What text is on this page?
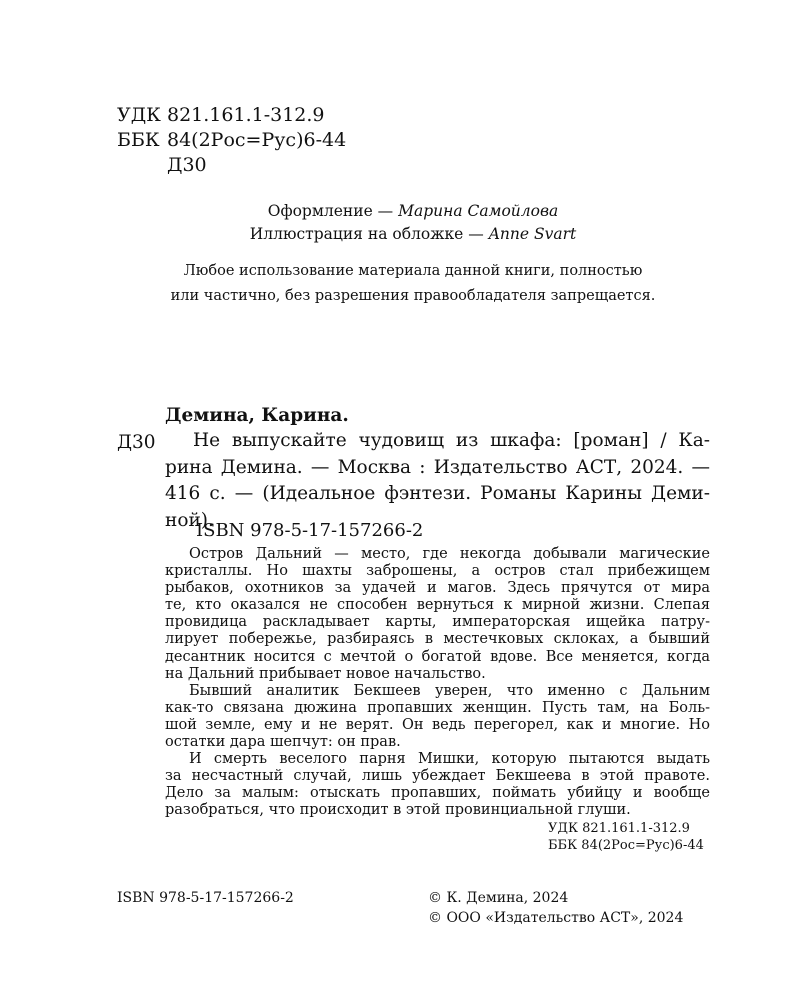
УДК 821.161.1-312.9
ББК 84(2Рос=Рус)6-44
Д30
Оформление — Марина Самойлова
Иллюстрация на обложке — Anne Svart
Любое использование материала данной книги, полностью
или частично, без разрешения правообладателя запрещается.
Демина, Карина.
Д30	Не выпускайте чудовищ из шкафа: [роман] / Ка-
рина Демина. — Москва : Издательство АСТ, 2024. —
416 с. — (Идеальное фэнтези. Романы Карины Деми-
ной).
ISBN 978-5-17-157266-2
Остров Дальний — место, где некогда добывали магические
кристаллы. Но шахты заброшены, а остров стал прибежищем
рыбаков, охотников за удачей и магов. Здесь прячутся от мира
те, кто оказался не способен вернуться к мирной жизни. Слепая
провидица раскладывает карты, императорская ищейка патру-
лирует побережье, разбираясь в местечковых склоках, а бывший
десантник носится с мечтой о богатой вдове. Все меняется, когда
на Дальний прибывает новое начальство.
Бывший аналитик Бекшеев уверен, что именно с Дальним
как-то связана дюжина пропавших женщин. Пусть там, на Боль-
шой земле, ему и не верят. Он ведь перегорел, как и многие. Но
остатки дара шепчут: он прав.
И смерть веселого парня Мишки, которую пытаются выдать
за несчастный случай, лишь убеждает Бекшеева в этой правоте.
Дело за малым: отыскать пропавших, поймать убийцу и вообще
разобраться, что происходит в этой провинциальной глуши.
УДК 821.161.1-312.9
ББК 84(2Рос=Рус)6-44
ISBN 978-5-17-157266-2	© К. Демина, 2024
© ООО «Издательство АСТ», 2024
